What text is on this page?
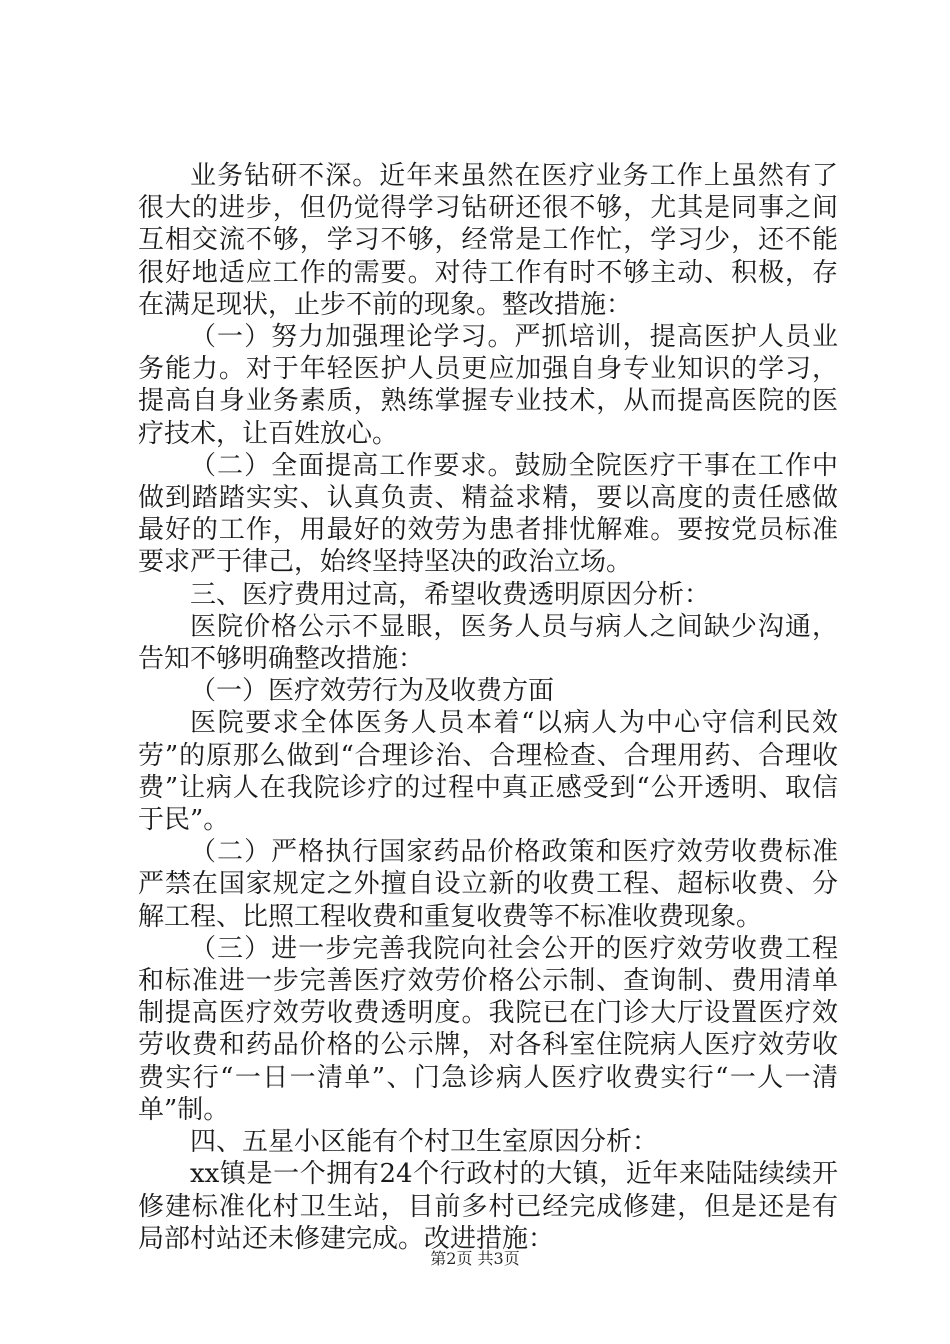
业务钻研不深。近年来虽然在医疗业务工作上虽然有了很大的进步，但仍觉得学习钻研还很不够，尤其是同事之间互相交流不够，学习不够，经常是工作忙，学习少，还不能很好地适应工作的需要。对待工作有时不够主动、积极，存在满足现状，止步不前的现象。整改措施：

（一）努力加强理论学习。严抓培训，提高医护人员业务能力。对于年轻医护人员更应加强自身专业知识的学习，提高自身业务素质，熟练掌握专业技术，从而提高医院的医疗技术，让百姓放心。

（二）全面提高工作要求。鼓励全院医疗干事在工作中做到踏踏实实、认真负责、精益求精，要以高度的责任感做最好的工作，用最好的效劳为患者排忧解难。要按党员标准要求严于律己，始终坚持坚决的政治立场。

三、医疗费用过高，希望收费透明原因分析：

医院价格公示不显眼，医务人员与病人之间缺少沟通，告知不够明确整改措施：

（一）医疗效劳行为及收费方面

医院要求全体医务人员本着“以病人为中心守信利民效劳”的原那么做到“合理诊治、合理检查、合理用药、合理收费”让病人在我院诊疗的过程中真正感受到“公开透明、取信于民”。

（二）严格执行国家药品价格政策和医疗效劳收费标准严禁在国家规定之外擅自设立新的收费工程、超标收费、分解工程、比照工程收费和重复收费等不标准收费现象。

（三）进一步完善我院向社会公开的医疗效劳收费工程和标准进一步完善医疗效劳价格公示制、查询制、费用清单制提高医疗效劳收费透明度。我院已在门诊大厅设置医疗效劳收费和药品价格的公示牌，对各科室住院病人医疗效劳收费实行“一日一清单”、门急诊病人医疗收费实行“一人一清单”制。

四、五星小区能有个村卫生室原因分析：

xx镇是一个拥有24个行政村的大镇，近年来陆陆续续开修建标准化村卫生站，目前多村已经完成修建，但是还是有局部村站还未修建完成。改进措施：

第2页 共3页
